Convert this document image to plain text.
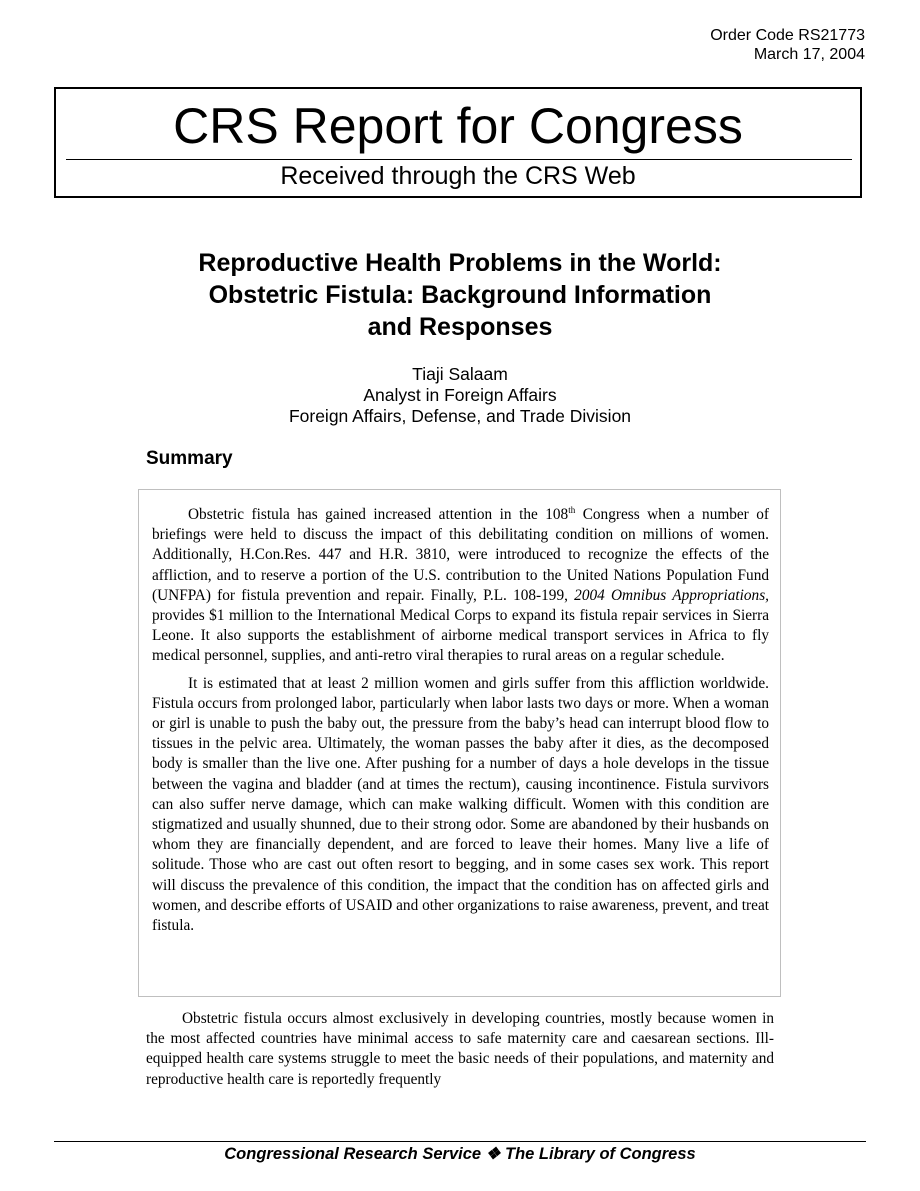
Order Code RS21773
March 17, 2004
CRS Report for Congress
Received through the CRS Web
Reproductive Health Problems in the World:
Obstetric Fistula: Background Information
and Responses
Tiaji Salaam
Analyst in Foreign Affairs
Foreign Affairs, Defense, and Trade Division
Summary

Obstetric fistula has gained increased attention in the 108th Congress when a number of briefings were held to discuss the impact of this debilitating condition on millions of women. Additionally, H.Con.Res. 447 and H.R. 3810, were introduced to recognize the effects of the affliction, and to reserve a portion of the U.S. contribution to the United Nations Population Fund (UNFPA) for fistula prevention and repair. Finally, P.L. 108-199, 2004 Omnibus Appropriations, provides $1 million to the International Medical Corps to expand its fistula repair services in Sierra Leone. It also supports the establishment of airborne medical transport services in Africa to fly medical personnel, supplies, and anti-retro viral therapies to rural areas on a regular schedule.

It is estimated that at least 2 million women and girls suffer from this affliction worldwide. Fistula occurs from prolonged labor, particularly when labor lasts two days or more. When a woman or girl is unable to push the baby out, the pressure from the baby’s head can interrupt blood flow to tissues in the pelvic area. Ultimately, the woman passes the baby after it dies, as the decomposed body is smaller than the live one. After pushing for a number of days a hole develops in the tissue between the vagina and bladder (and at times the rectum), causing incontinence. Fistula survivors can also suffer nerve damage, which can make walking difficult. Women with this condition are stigmatized and usually shunned, due to their strong odor. Some are abandoned by their husbands on whom they are financially dependent, and are forced to leave their homes. Many live a life of solitude. Those who are cast out often resort to begging, and in some cases sex work. This report will discuss the prevalence of this condition, the impact that the condition has on affected girls and women, and describe efforts of USAID and other organizations to raise awareness, prevent, and treat fistula.

Obstetric fistula occurs almost exclusively in developing countries, mostly because women in the most affected countries have minimal access to safe maternity care and caesarean sections. Ill-equipped health care systems struggle to meet the basic needs of their populations, and maternity and reproductive health care is reportedly frequently

Congressional Research Service ❖ The Library of Congress
